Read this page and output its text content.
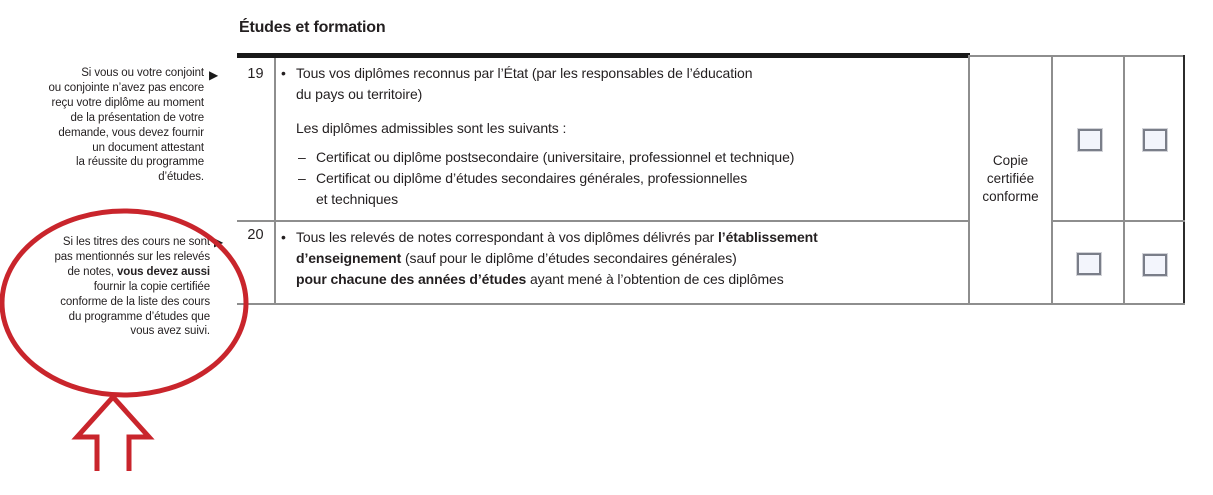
Études et formation
Si vous ou votre conjoint
ou conjointe n’avez pas encore
reçu votre diplôme au moment
de la présentation de votre
demande, vous devez fournir
un document attestant
la réussite du programme
d’études.
▶
Si les titres des cours ne sont
pas mentionnés sur les relevés
de notes, vous devez aussi
fournir la copie certifiée
conforme de la liste des cours
du programme d’études que
vous avez suivi.
▶
19
20
• Tous vos diplômes reconnus par l’État (par les responsables de l’éducation
du pays ou territoire)
Les diplômes admissibles sont les suivants :
– Certificat ou diplôme postsecondaire (universitaire, professionnel et technique)
– Certificat ou diplôme d’études secondaires générales, professionnelles
et techniques
• Tous les relevés de notes correspondant à vos diplômes délivrés par l’établissement
d’enseignement (sauf pour le diplôme d’études secondaires générales)
pour chacune des années d’études ayant mené à l’obtention de ces diplômes
Copie
certifiée
conforme
